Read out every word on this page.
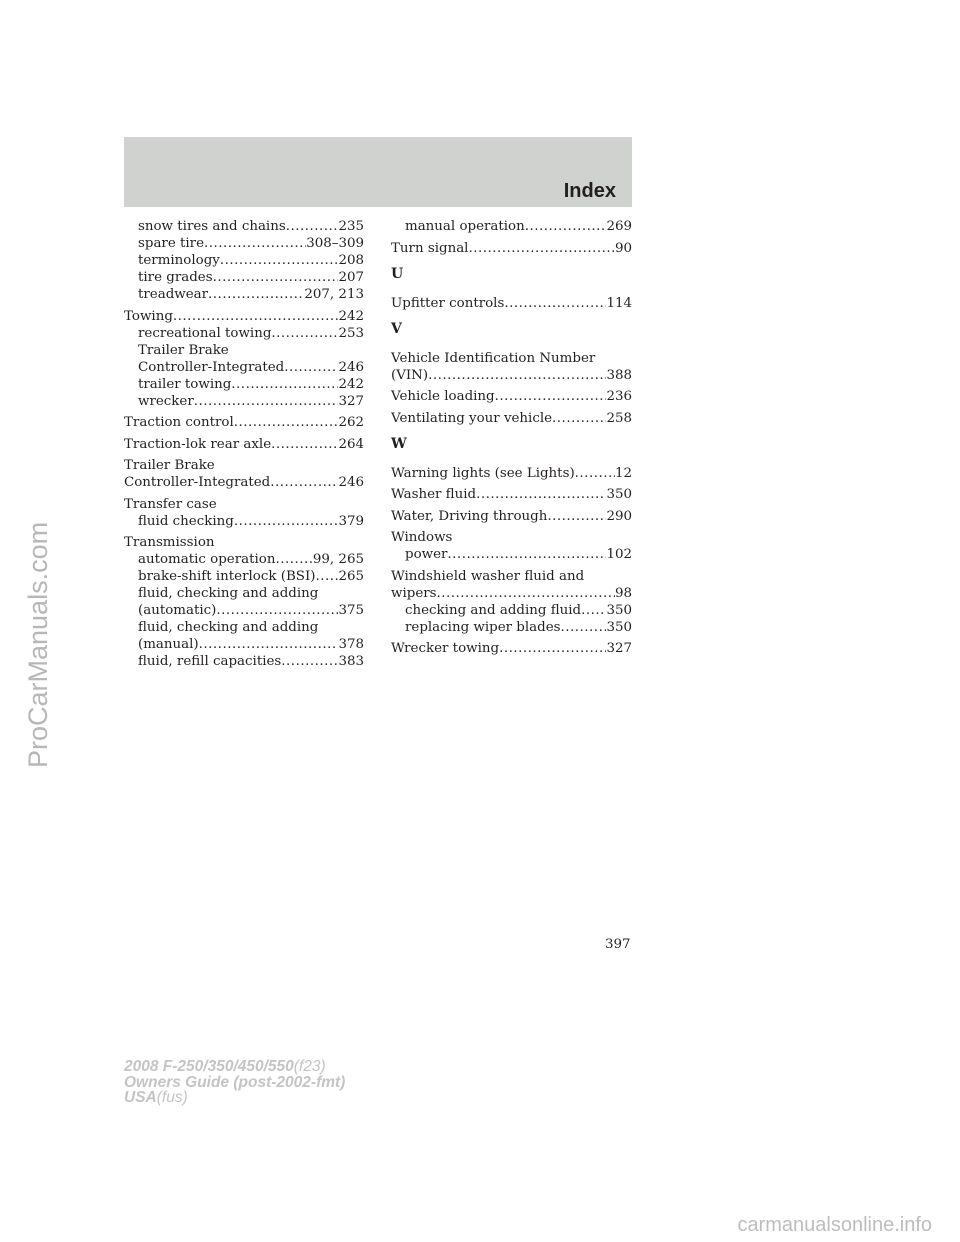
Index
snow tires and chains .....	235
spare tire .....	308–309
terminology .....	208
tire grades .....	207
treadwear .....	207, 213
Towing .....	242
recreational towing .....	253
Trailer Brake
Controller-Integrated .....	246
trailer towing .....	242
wrecker .....	327
Traction control .....	262
Traction-lok rear axle .....	264
Trailer Brake
Controller-Integrated .....	246
Transfer case
fluid checking .....	379
Transmission
automatic operation .....	99, 265
brake-shift interlock (BSI) ..... 265
fluid, checking and adding
(automatic) .....	375
fluid, checking and adding
(manual) .....	378
fluid, refill capacities .....	383
manual operation .....	269
Turn signal .....	90
U
Upfitter controls .....	114
V
Vehicle Identification Number
(VIN) .....	388
Vehicle loading .....	236
Ventilating your vehicle .....	258
W
Warning lights (see Lights) .....	12
Washer fluid .....	350
Water, Driving through .....	290
Windows
power .....	102
Windshield washer fluid and
wipers .....	98
checking and adding fluid ..... 350
replacing wiper blades .....	350
Wrecker towing .....	327
397
2008 F-250/350/450/550(f23)
Owners Guide (post-2002-fmt)
USA(fus)
ProCarManuals.com
carmanualsonline.info
